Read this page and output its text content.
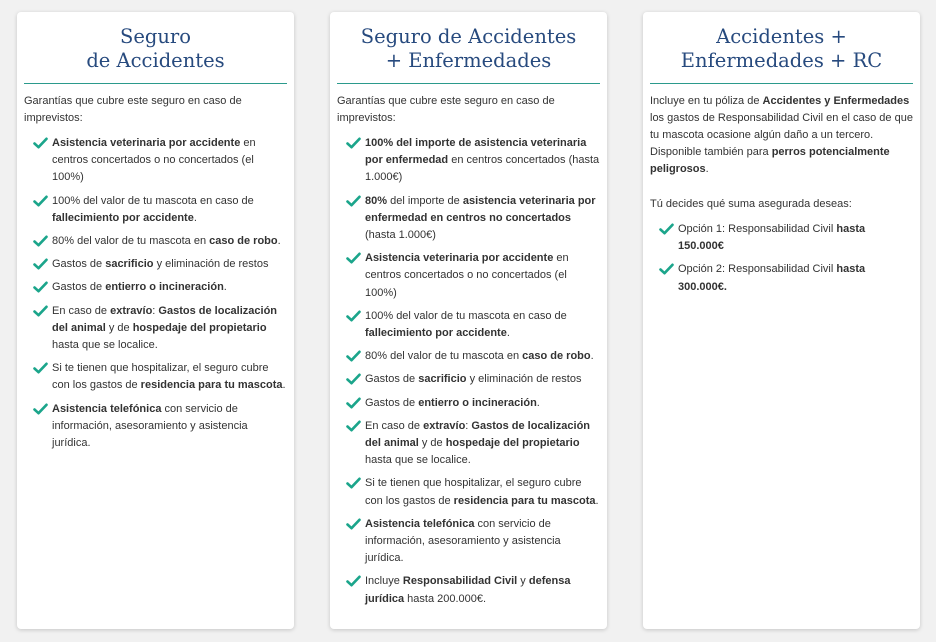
Seguro
de Accidentes
Garantías que cubre este seguro en caso de imprevistos:
Asistencia veterinaria por accidente en centros concertados o no concertados (el 100%)
100% del valor de tu mascota en caso de fallecimiento por accidente.
80% del valor de tu mascota en caso de robo.
Gastos de sacrificio y eliminación de restos
Gastos de entierro o incineración.
En caso de extravío: Gastos de localización del animal y de hospedaje del propietario hasta que se localice.
Si te tienen que hospitalizar, el seguro cubre con los gastos de residencia para tu mascota.
Asistencia telefónica con servicio de información, asesoramiento y asistencia jurídica.
Seguro de Accidentes
+ Enfermedades
Garantías que cubre este seguro en caso de imprevistos:
100% del importe de asistencia veterinaria por enfermedad en centros concertados (hasta 1.000€)
80% del importe de asistencia veterinaria por enfermedad en centros no concertados (hasta 1.000€)
Asistencia veterinaria por accidente en centros concertados o no concertados (el 100%)
100% del valor de tu mascota en caso de fallecimiento por accidente.
80% del valor de tu mascota en caso de robo.
Gastos de sacrificio y eliminación de restos
Gastos de entierro o incineración.
En caso de extravío: Gastos de localización del animal y de hospedaje del propietario hasta que se localice.
Si te tienen que hospitalizar, el seguro cubre con los gastos de residencia para tu mascota.
Asistencia telefónica con servicio de información, asesoramiento y asistencia jurídica.
Incluye Responsabilidad Civil y defensa jurídica hasta 200.000€.
Accidentes +
Enfermedades + RC
Incluye en tu póliza de Accidentes y Enfermedades los gastos de Responsabilidad Civil en el caso de que tu mascota ocasione algún daño a un tercero. Disponible también para perros potencialmente peligrosos.
Tú decides qué suma asegurada deseas:
Opción 1: Responsabilidad Civil hasta 150.000€
Opción 2: Responsabilidad Civil hasta 300.000€.
